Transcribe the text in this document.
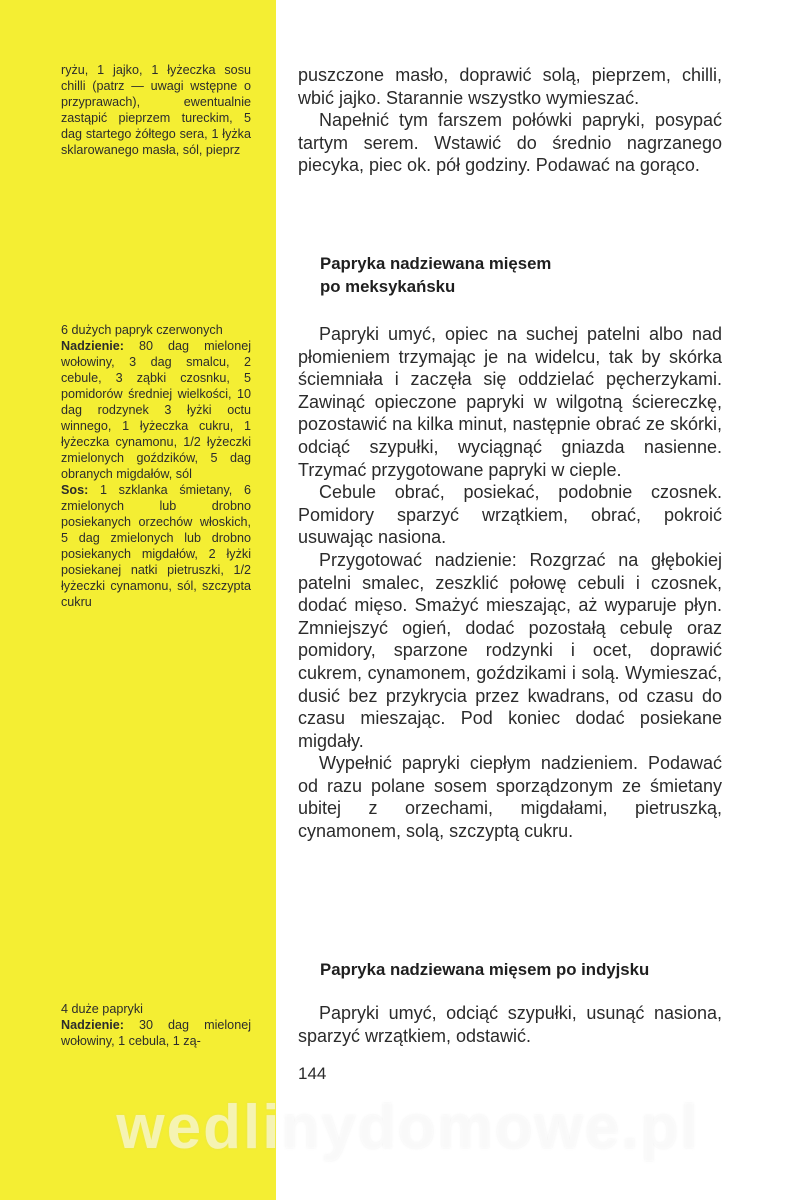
ryżu, 1 jajko, 1 łyżeczka sosu chilli (patrz — uwagi wstępne o przyprawach), ewentualnie zastąpić pieprzem tureckim, 5 dag startego żółtego sera, 1 łyżka sklarowanego masła, sól, pieprz

6 dużych papryk czerwonych

Nadzienie: 80 dag mielonej wołowiny, 3 dag smalcu, 2 cebule, 3 ząbki czosnku, 5 pomidorów średniej wielkości, 10 dag rodzynek 3 łyżki octu winnego, 1 łyżeczka cukru, 1 łyżeczka cynamonu, 1/2 łyżeczki zmielonych goździków, 5 dag obranych migdałów, sól

Sos: 1 szklanka śmietany, 6 zmielonych lub drobno posiekanych orzechów włoskich, 5 dag zmielonych lub drobno posiekanych migdałów, 2 łyżki posiekanej natki pietruszki, 1/2 łyżeczki cynamonu, sól, szczypta cukru

4 duże papryki

Nadzienie: 30 dag mielonej wołowiny, 1 cebula, 1 zą-

puszczone masło, doprawić solą, pieprzem, chilli, wbić jajko. Starannie wszystko wymieszać.

Napełnić tym farszem połówki papryki, posypać tartym serem. Wstawić do średnio nagrzanego piecyka, piec ok. pół godziny. Podawać na gorąco.

Papryka nadziewana mięsem
po meksykańsku

Papryki umyć, opiec na suchej patelni albo nad płomieniem trzymając je na widelcu, tak by skórka ściemniała i zaczęła się oddzielać pęcherzykami. Zawinąć opieczone papryki w wilgotną ściereczkę, pozostawić na kilka minut, następnie obrać ze skórki, odciąć szypułki, wyciągnąć gniazda nasienne. Trzymać przygotowane papryki w cieple.

Cebule obrać, posiekać, podobnie czosnek. Pomidory sparzyć wrzątkiem, obrać, pokroić usuwając nasiona.

Przygotować nadzienie: Rozgrzać na głębokiej patelni smalec, zeszklić połowę cebuli i czosnek, dodać mięso. Smażyć mieszając, aż wyparuje płyn. Zmniejszyć ogień, dodać pozostałą cebulę oraz pomidory, sparzone rodzynki i ocet, doprawić cukrem, cynamonem, goździkami i solą. Wymieszać, dusić bez przykrycia przez kwadrans, od czasu do czasu mieszając. Pod koniec dodać posiekane migdały.

Wypełnić papryki ciepłym nadzieniem. Podawać od razu polane sosem sporządzonym ze śmietany ubitej z orzechami, migdałami, pietruszką, cynamonem, solą, szczyptą cukru.

Papryka nadziewana mięsem po indyjsku

Papryki umyć, odciąć szypułki, usunąć nasiona, sparzyć wrzątkiem, odstawić.

144
wedlinydomowe.pl
